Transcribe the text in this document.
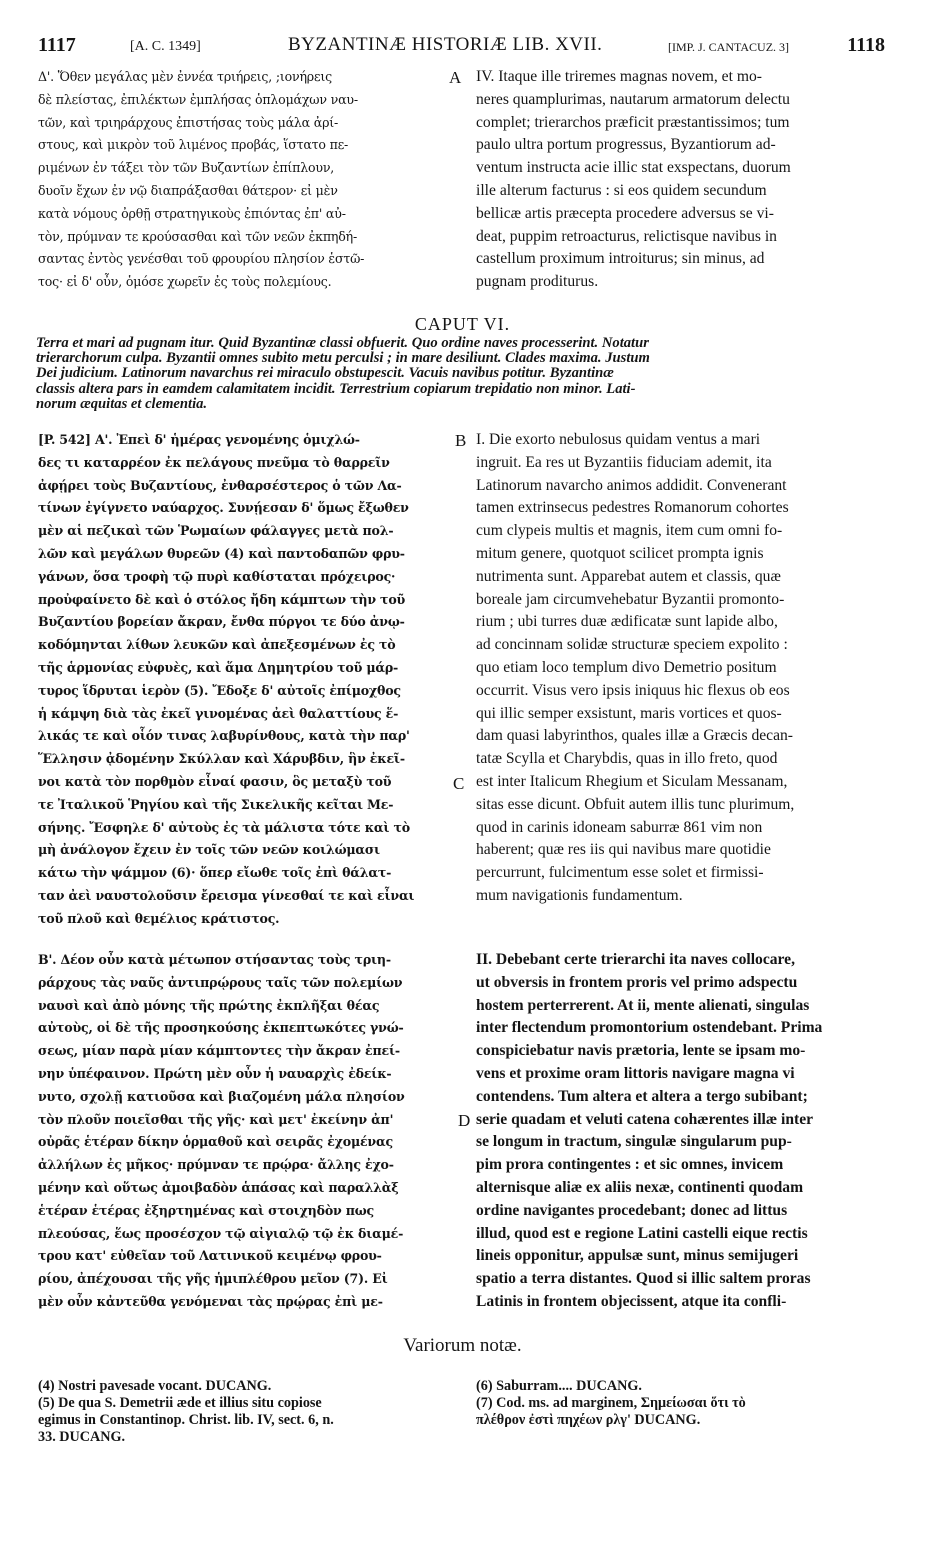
1117	[A. C. 1349]	BYZANTINÆ HISTORIÆ LIB. XVII.	[IMP. J. CANTACUZ. 3]	1118
Δ'. Ὅθεν μεγάλας μὲν ἐννέα τριήρεις, ;ιονήρεις
δὲ πλείστας, ἐπιλέκτων ἐμπλήσας ὁπλομάχων ναυ-
τῶν, καὶ τριηράρχους ἐπιστήσας τοὺς μάλα ἀρί-
στους, καὶ μικρὸν τοῦ λιμένος προβάς, ἵστατο πε-
ριμένων ἐν τάξει τὸν τῶν Βυζαντίων ἐπίπλουν,
δυοῖν ἔχων ἐν νῷ διαπράξασθαι θάτερον· εἰ μὲν
κατὰ νόμους ὀρθῇ στρατηγικοὺς ἐπιόντας ἐπ' αὐ-
τὸν, πρύμναν τε κρούσασθαι καὶ τῶν νεῶν ἐκπηδή-
σαντας ἐντὸς γενέσθαι τοῦ φρουρίου πλησίον ἑστῶ-
τος· εἰ δ' οὖν, ὁμόσε χωρεῖν ἐς τοὺς πολεμίους.
IV. Itaque ille triremes magnas novem, et mo-
neres quamplurimas, nautarum armatorum delectu
complet; trierarchos præficit præstantissimos; tum
paulo ultra portum progressus, Byzantiorum ad-
ventum instructa acie illic stat exspectans, duorum
ille alterum facturus : si eos quidem secundum
bellicæ artis præcepta procedere adversus se vi-
deat, puppim retroacturus, relictisque navibus in
castellum proximum introiturus; sin minus, ad
pugnam proditurus.
A
CAPUT VI.
Terra et mari ad pugnam itur. Quid Byzantinæ classi obfuerit. Quo ordine naves processerint. Notatur
trierarchorum culpa. Byzantii omnes subito metu perculsi ; in mare desiliunt. Clades maxima. Justum
Dei judicium. Latinorum navarchus rei miraculo obstupescit. Vacuis navibus potitur. Byzantinæ
classis altera pars in eamdem calamitatem incidit. Terrestrium copiarum trepidatio non minor. Lati-
norum æquitas et clementia.
[P. 542] Α'. Ἐπεὶ δ' ἡμέρας γενομένης ὁμιχλώ-
δες τι καταρρέον ἐκ πελάγους πνεῦμα τὸ θαρρεῖν
ἀφῄρει τοὺς Βυζαντίους, ἐνθαρσέστερος ὁ τῶν Λα-
τίνων ἐγίγνετο ναύαρχος. Συνῄεσαν δ' ὅμως ἔξωθεν
μὲν αἱ πεζικαὶ τῶν Ῥωμαίων φάλαγγες μετὰ πολ-
λῶν καὶ μεγάλων θυρεῶν (4) καὶ παντοδαπῶν φρυ-
γάνων, ὅσα τροφὴ τῷ πυρὶ καθίσταται πρόχειρος·
προὐφαίνετο δὲ καὶ ὁ στόλος ἤδη κάμπτων τὴν τοῦ
Βυζαντίου βορείαν ἄκραν, ἔνθα πύργοι τε δύο ἀνῳ-
κοδόμηνται λίθων λευκῶν καὶ ἀπεξεσμένων ἐς τὸ
τῆς ἁρμονίας εὐφυὲς, καὶ ἅμα Δημητρίου τοῦ μάρ-
τυρος ἵδρυται ἱερὸν (5). Ἔδοξε δ' αὐτοῖς ἐπίμοχθος
ἡ κάμψη διὰ τὰς ἐκεῖ γινομένας ἀεὶ θαλαττίους ἕ-
λικάς τε καὶ οἷόν τινας λαβυρίνθους, κατὰ τὴν παρ'
Ἕλλησιν ᾀδομένην Σκύλλαν καὶ Χάρυβδιν, ἣν ἐκεῖ-
νοι κατὰ τὸν πορθμὸν εἶναί φασιν, ὃς μεταξὺ τοῦ
τε Ἰταλικοῦ Ῥηγίου καὶ τῆς Σικελικῆς κεῖται Με-
σήνης. Ἔσφηλε δ' αὐτοὺς ἐς τὰ μάλιστα τότε καὶ τὸ
μὴ ἀνάλογον ἔχειν ἐν τοῖς τῶν νεῶν κοιλώμασι
κάτω τὴν ψάμμον (6)· ὅπερ εἴωθε τοῖς ἐπὶ θάλατ-
ταν ἀεὶ ναυστολοῦσιν ἔρεισμα γίνεσθαί τε καὶ εἶναι
τοῦ πλοῦ καὶ θεμέλιος κράτιστος.
I. Die exorto nebulosus quidam ventus a mari
ingruit. Ea res ut Byzantiis fiduciam ademit, ita
Latinorum navarcho animos addidit. Convenerant
tamen extrinsecus pedestres Romanorum cohortes
cum clypeis multis et magnis, item cum omni fo-
mitum genere, quotquot scilicet prompta ignis
nutrimenta sunt. Apparebat autem et classis, quæ
boreale jam circumvehebatur Byzantii promonto-
rium ; ubi turres duæ ædificatæ sunt lapide albo,
ad concinnam solidæ structuræ speciem expolito :
quo etiam loco templum divo Demetrio positum
occurrit. Visus vero ipsis iniquus hic flexus ob eos
qui illic semper exsistunt, maris vortices et quos-
dam quasi labyrinthos, quales illæ a Græcis decan-
tatæ Scylla et Charybdis, quas in illo freto, quod
est inter Italicum Rhegium et Siculam Messanam,
sitas esse dicunt. Obfuit autem illis tunc plurimum,
quod in carinis idoneam saburræ 861 vim non
haberent; quæ res iis qui navibus mare quotidie
percurrunt, fulcimentum esse solet et firmissi-
mum navigationis fundamentum.
B
C
Β'. Δέον οὖν κατὰ μέτωπον στήσαντας τοὺς τριη-
ράρχους τὰς ναῦς ἀντιπρῴρους ταῖς τῶν πολεμίων
ναυσὶ καὶ ἀπὸ μόνης τῆς πρώτης ἐκπλῆξαι θέας
αὐτοὺς, οἱ δὲ τῆς προσηκούσης ἐκπεπτωκότες γνώ-
σεως, μίαν παρὰ μίαν κάμπτοντες τὴν ἄκραν ἐπεί-
νην ὑπέφαινον. Πρώτη μὲν οὖν ἡ ναυαρχὶς ἐδείκ-
νυτο, σχολῇ κατιοῦσα καὶ βιαζομένη μάλα πλησίον
τὸν πλοῦν ποιεῖσθαι τῆς γῆς· καὶ μετ' ἐκείνην ἀπ'
οὐρᾶς ἑτέραν δίκην ὁρμαθοῦ καὶ σειρᾶς ἐχομένας
ἀλλήλων ἐς μῆκος· πρύμναν τε πρῴρα· ἄλλης ἐχο-
μένην καὶ οὕτως ἀμοιβαδὸν ἁπάσας καὶ παραλλὰξ
ἑτέραν ἑτέρας ἐξηρτημένας καὶ στοιχηδὸν πως
πλεούσας, ἕως προσέσχον τῷ αἰγιαλῷ τῷ ἐκ διαμέ-
τρου κατ' εὐθεῖαν τοῦ Λατινικοῦ κειμένῳ φρου-
ρίου, ἀπέχουσαι τῆς γῆς ἡμιπλέθρου μεῖον (7). Εἰ
μὲν οὖν κἀντεῦθα γενόμεναι τὰς πρῴρας ἐπὶ με-
II. Debebant certe trierarchi ita naves collocare,
ut obversis in frontem proris vel primo adspectu
hostem perterrerent. At ii, mente alienati, singulas
inter flectendum promontorium ostendebant. Prima
conspiciebatur navis prætoria, lente se ipsam mo-
vens et proxime oram littoris navigare magna vi
contendens. Tum altera et altera a tergo subibant;
serie quadam et veluti catena cohærentes illæ inter
se longum in tractum, singulæ singularum pup-
pim prora contingentes : et sic omnes, invicem
alternisque aliæ ex aliis nexæ, continenti quodam
ordine navigantes procedebant; donec ad littus
illud, quod est e regione Latini castelli eique rectis
lineis opponitur, appulsæ sunt, minus semijugeri
spatio a terra distantes. Quod si illic saltem proras
Latinis in frontem objecissent, atque ita confli-
D
Variorum notæ.
(4) Nostri pavesade vocant. DUCANG.
(5) De qua S. Demetrii æde et illius situ copiose
egimus in Constantinop. Christ. lib. IV, sect. 6, n.
33. DUCANG.
(6) Saburram.... DUCANG.
(7) Cod. ms. ad marginem, Σημείωσαι ὅτι τὸ
πλέθρον ἐστὶ πηχέων ρλγ' DUCANG.
